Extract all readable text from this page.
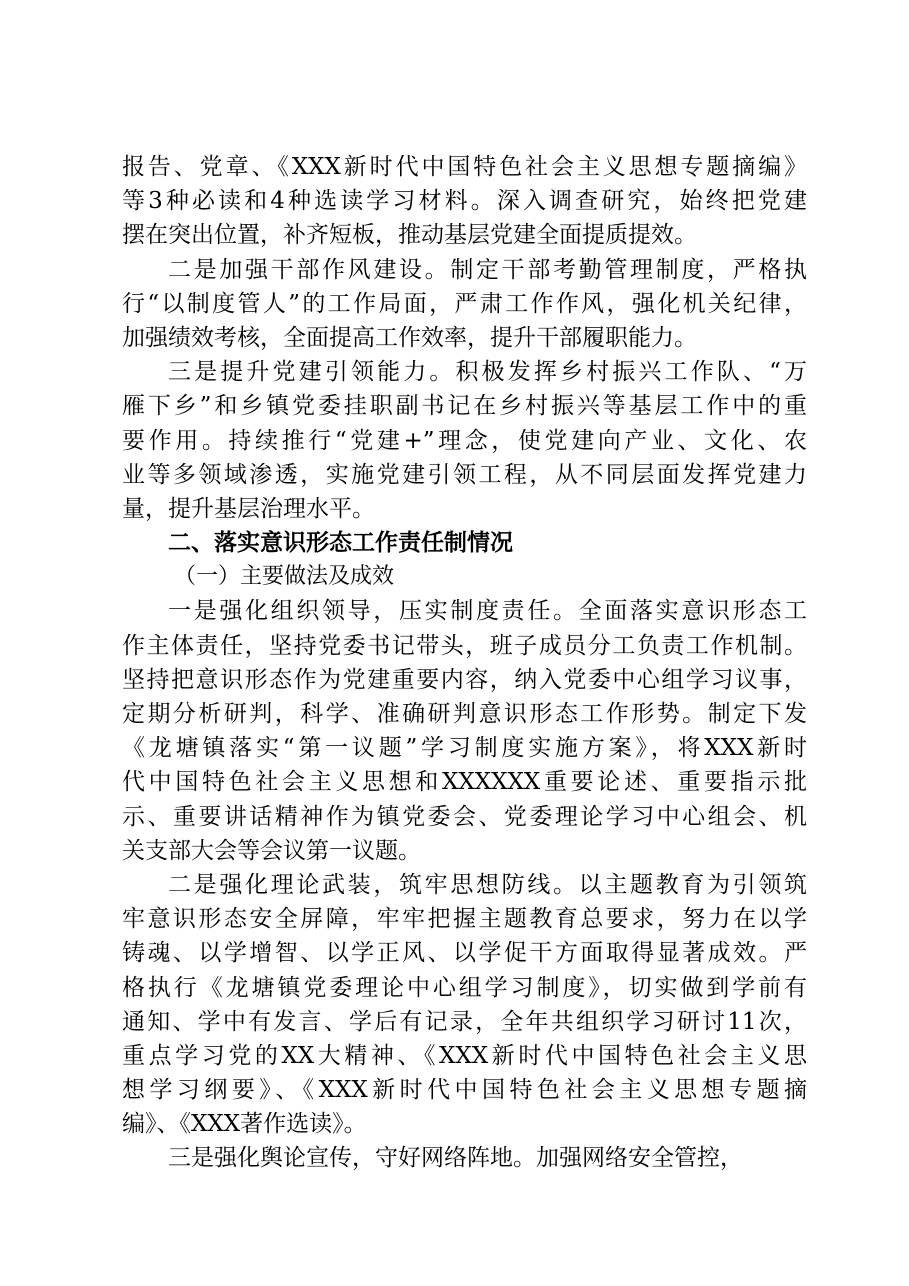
报告、党章、《XXX新时代中国特色社会主义思想专题摘编》
等3种必读和4种选读学习材料。深入调查研究，始终把党建
摆在突出位置，补齐短板，推动基层党建全面提质提效。
二是加强干部作风建设。制定干部考勤管理制度，严格执
行“以制度管人”的工作局面，严肃工作作风，强化机关纪律，
加强绩效考核，全面提高工作效率，提升干部履职能力。
三是提升党建引领能力。积极发挥乡村振兴工作队、“万
雁下乡”和乡镇党委挂职副书记在乡村振兴等基层工作中的重
要作用。持续推行“党建+”理念，使党建向产业、文化、农
业等多领域渗透，实施党建引领工程，从不同层面发挥党建力
量，提升基层治理水平。
二、落实意识形态工作责任制情况
（一）主要做法及成效
一是强化组织领导，压实制度责任。全面落实意识形态工
作主体责任，坚持党委书记带头，班子成员分工负责工作机制。
坚持把意识形态作为党建重要内容，纳入党委中心组学习议事，
定期分析研判，科学、准确研判意识形态工作形势。制定下发
《龙塘镇落实“第一议题”学习制度实施方案》，将XXX新时
代中国特色社会主义思想和XXXXXX重要论述、重要指示批
示、重要讲话精神作为镇党委会、党委理论学习中心组会、机
关支部大会等会议第一议题。
二是强化理论武装，筑牢思想防线。以主题教育为引领筑
牢意识形态安全屏障，牢牢把握主题教育总要求，努力在以学
铸魂、以学增智、以学正风、以学促干方面取得显著成效。严
格执行《龙塘镇党委理论中心组学习制度》，切实做到学前有
通知、学中有发言、学后有记录，全年共组织学习研讨11次，
重点学习党的XX大精神、《XXX新时代中国特色社会主义思
想学习纲要》、《XXX新时代中国特色社会主义思想专题摘
编》、《XXX著作选读》。
三是强化舆论宣传，守好网络阵地。加强网络安全管控，
